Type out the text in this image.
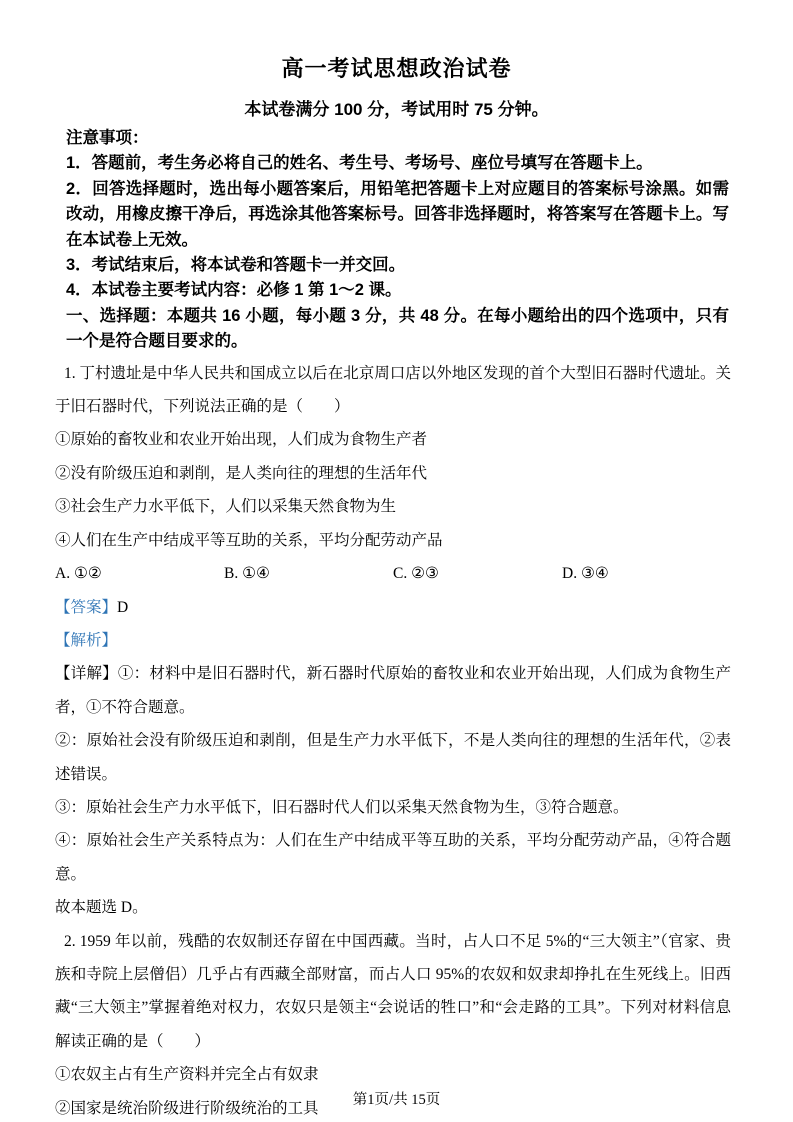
高一考试思想政治试卷

本试卷满分 100 分，考试用时 75 分钟。

注意事项：

1．答题前，考生务必将自己的姓名、考生号、考场号、座位号填写在答题卡上。

2．回答选择题时，选出每小题答案后，用铅笔把答题卡上对应题目的答案标号涂黑。如需改动，用橡皮擦干净后，再选涂其他答案标号。回答非选择题时，将答案写在答题卡上。写在本试卷上无效。

3．考试结束后，将本试卷和答题卡一并交回。

4．本试卷主要考试内容：必修 1 第 1～2 课。

一、选择题：本题共 16 小题，每小题 3 分，共 48 分。在每小题给出的四个选项中，只有一个是符合题目要求的。

1. 丁村遗址是中华人民共和国成立以后在北京周口店以外地区发现的首个大型旧石器时代遗址。关于旧石器时代，下列说法正确的是（　　）

①原始的畜牧业和农业开始出现，人们成为食物生产者

②没有阶级压迫和剥削，是人类向往的理想的生活年代

③社会生产力水平低下，人们以采集天然食物为生

④人们在生产中结成平等互助的关系，平均分配劳动产品

A. ①②	B. ①④	C. ②③	D. ③④

【答案】D

【解析】

【详解】①：材料中是旧石器时代，新石器时代原始的畜牧业和农业开始出现，人们成为食物生产者，①不符合题意。

②：原始社会没有阶级压迫和剥削，但是生产力水平低下，不是人类向往的理想的生活年代，②表述错误。

③：原始社会生产力水平低下，旧石器时代人们以采集天然食物为生，③符合题意。

④：原始社会生产关系特点为：人们在生产中结成平等互助的关系，平均分配劳动产品，④符合题意。

故本题选 D。

2. 1959 年以前，残酷的农奴制还存留在中国西藏。当时，占人口不足 5%的“三大领主”（官家、贵族和寺院上层僧侣）几乎占有西藏全部财富，而占人口 95%的农奴和奴隶却挣扎在生死线上。旧西藏“三大领主”掌握着绝对权力，农奴只是领主“会说话的牲口”和“会走路的工具”。下列对材料信息解读正确的是（　　）

①农奴主占有生产资料并完全占有奴隶

②国家是统治阶级进行阶级统治的工具	第1页/共 15页
